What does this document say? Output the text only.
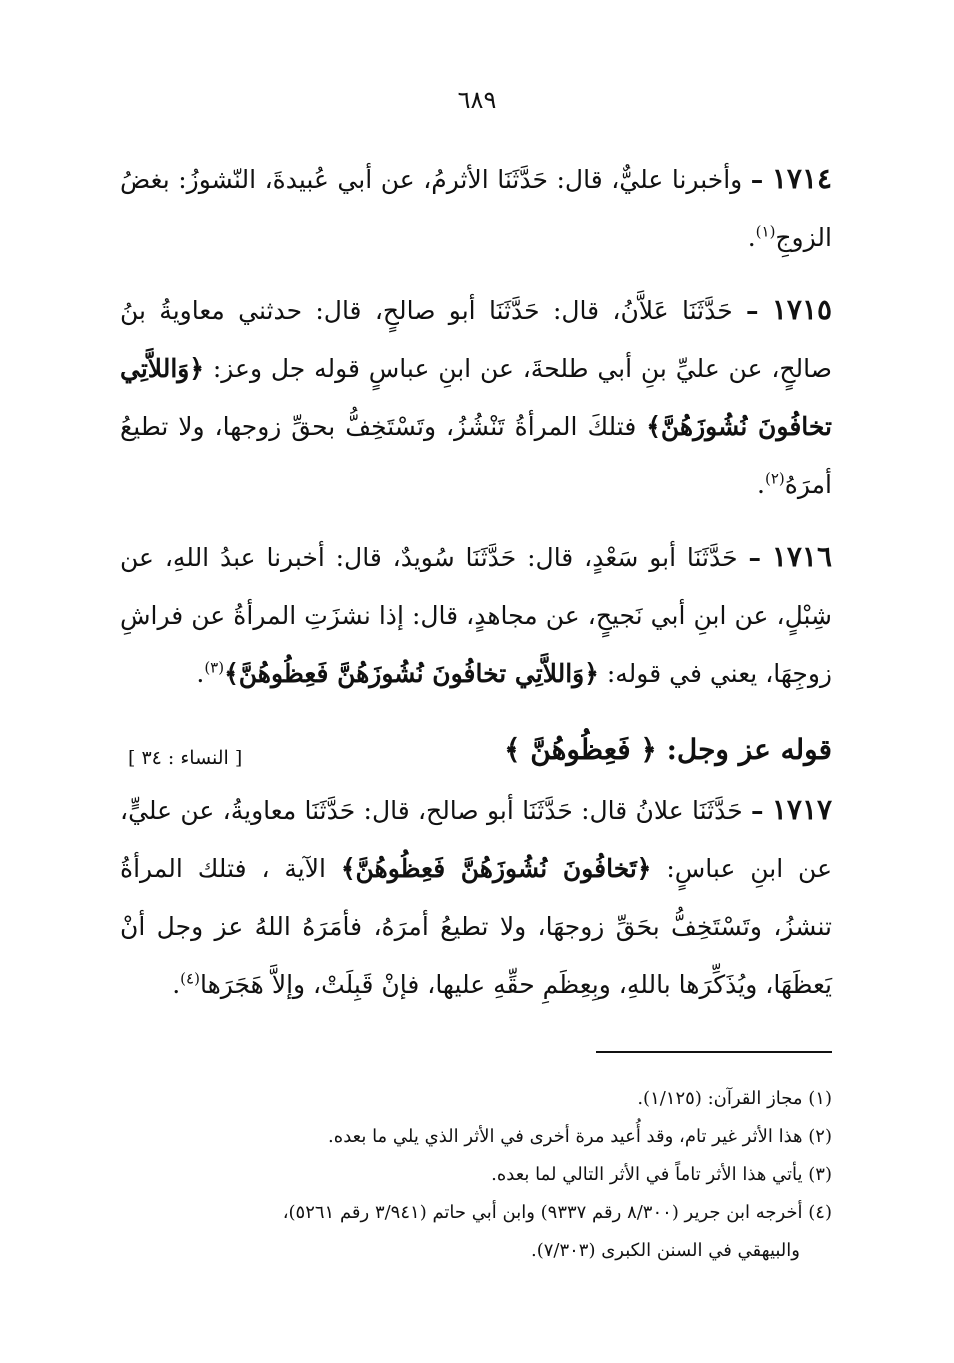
٦٨٩

١٧١٤ – وأخبرنا عليٌّ، قال: حَدَّثَنَا الأثرمُ، عن أبي عُبيدةَ، النّشوزُ: بغضُ الزوجِ$^{(١)}$.

١٧١٥ – حَدَّثَنَا عَلاَّنُ، قال: حَدَّثَنَا أبو صالحٍ، قال: حدثني معاويةُ بنُ صالحٍ، عن عليِّ بنِ أبي طلحةَ، عن ابنِ عباسٍ قوله جل وعز: ﴿وَاللاَّتِي تخافُونَ نُشُوزَهُنَّ﴾ فتلكَ المرأةُ تَنْشُزُ، وتَسْتَخِفُّ بحقِّ زوجها، ولا تطيعُ أمرَهُ$^{(٢)}$.

١٧١٦ – حَدَّثَنَا أبو سَعْدٍ، قال: حَدَّثَنَا سُويدٌ، قال: أخبرنا عبدُ اللهِ، عن شِبْلٍ، عن ابنِ أبي نَجيحٍ، عن مجاهدٍ، قال: إذا نشزَتِ المرأةُ عن فراشِ زوجِهَا، يعني في قوله: ﴿وَاللاَّتِي تخافُونَ نُشُوزَهُنَّ فَعِظُوهُنَّ﴾$^{(٣)}$.

قوله عز وجل: ﴿ فَعِظُوهُنَّ ﴾
[ النساء : ٣٤ ]

١٧١٧ – حَدَّثَنَا علانُ قال: حَدَّثَنَا أبو صالح، قال: حَدَّثَنَا معاويةُ، عن عليٍّ، عن ابنِ عباسٍ: ﴿تَخافُونَ نُشُوزَهُنَّ فَعِظُوهُنَّ﴾ الآية ، فتلك المرأةُ تنشزُ، وتَسْتَخِفُّ بحَقِّ زوجهَا، ولا تطيعُ أمرَهُ، فأمَرَهُ اللهُ عز وجل أنْ يَعظَهَا، ويُذَكِّرَها باللهِ، وبِعِظَمِ حقِّهِ عليها، فإنْ قَبِلَتْ، وإلاَّ هَجَرَها$^{(٤)}$.

(١) مجاز القرآن: (١/١٢٥).

(٢) هذا الأثر غير تام، وقد أُعيد مرة أخرى في الأثر الذي يلي ما بعده.

(٣) يأتي هذا الأثر تاماً في الأثر التالي لما بعده.

(٤) أخرجه ابن جرير (٨/٣٠٠ رقم ٩٣٣٧) وابن أبي حاتم (٣/٩٤١ رقم ٥٢٦١)،

والبيهقي في السنن الكبرى (٧/٣٠٣).
